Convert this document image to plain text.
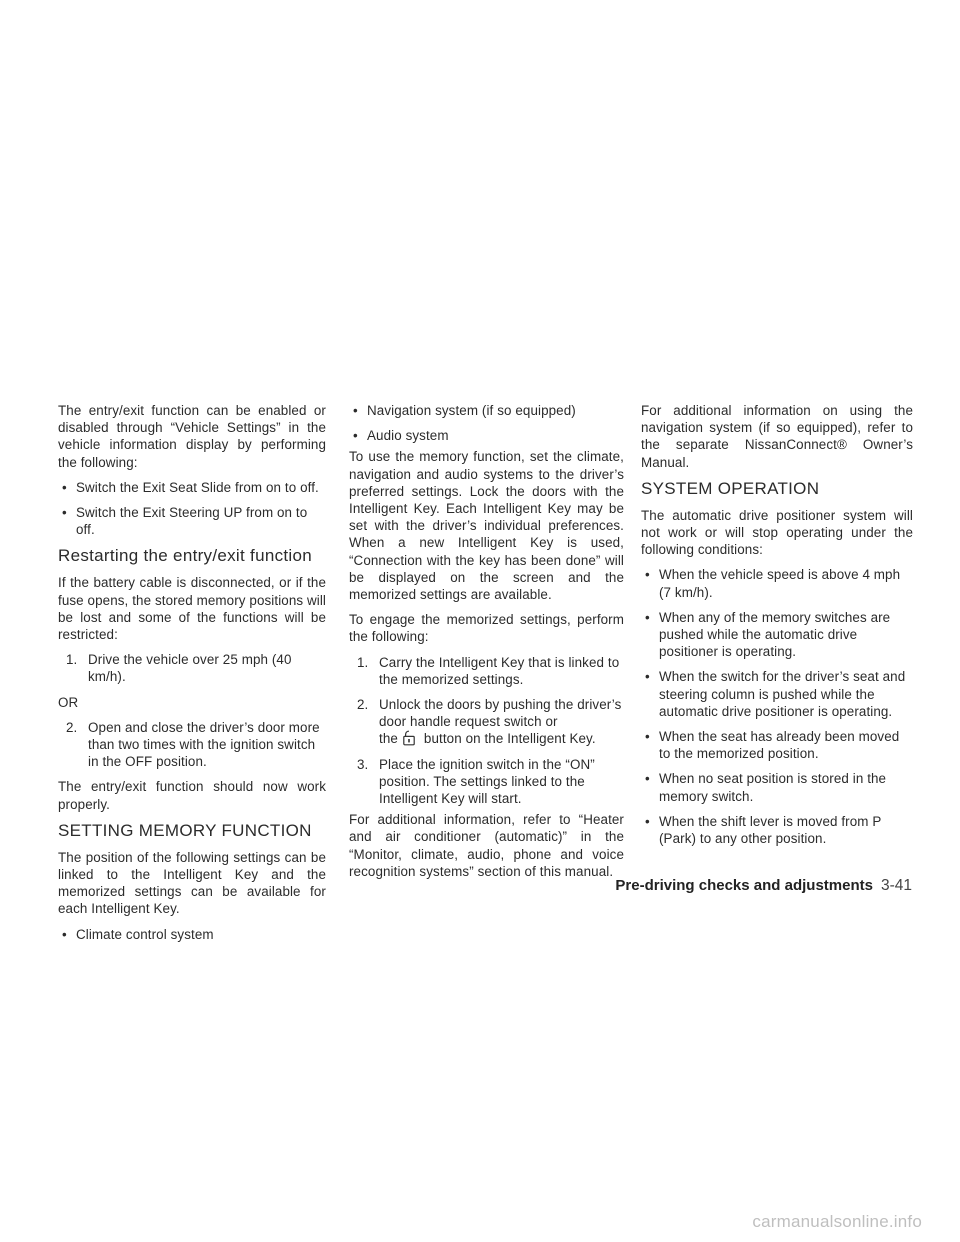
The entry/exit function can be enabled or disabled through “Vehicle Settings” in the vehicle information display by performing the following:

• Switch the Exit Seat Slide from on to off.
• Switch the Exit Steering UP from on to off.
Restarting the entry/exit function

If the battery cable is disconnected, or if the fuse opens, the stored memory positions will be lost and some of the functions will be restricted:

1. Drive the vehicle over 25 mph (40 km/h).

OR

2. Open and close the driver’s door more than two times with the ignition switch in the OFF position.

The entry/exit function should now work properly.

SETTING MEMORY FUNCTION

The position of the following settings can be linked to the Intelligent Key and the memorized settings can be available for each Intelligent Key.

• Climate control system
• Navigation system (if so equipped)
• Audio system

To use the memory function, set the climate, navigation and audio systems to the driver’s preferred settings. Lock the doors with the Intelligent Key. Each Intelligent Key may be set with the driver’s individual preferences. When a new Intelligent Key is used, “Connection with the key has been done” will be displayed on the screen and the memorized settings are available.

To engage the memorized settings, perform the following:

1. Carry the Intelligent Key that is linked to the memorized settings.
2. Unlock the doors by pushing the driver’s door handle request switch or
the button on the Intelligent Key.
3. Place the ignition switch in the “ON” position. The settings linked to the Intelligent Key will start.

For additional information, refer to “Heater and air conditioner (automatic)” in the “Monitor, climate, audio, phone and voice recognition systems” section of this manual.

For additional information on using the navigation system (if so equipped), refer to the separate NissanConnect® Owner’s Manual.

SYSTEM OPERATION

The automatic drive positioner system will not work or will stop operating under the following conditions:

• When the vehicle speed is above 4 mph (7 km/h).
• When any of the memory switches are pushed while the automatic drive positioner is operating.
• When the switch for the driver’s seat and steering column is pushed while the automatic drive positioner is operating.
• When the seat has already been moved to the memorized position.
• When no seat position is stored in the memory switch.
• When the shift lever is moved from P (Park) to any other position.
Pre-driving checks and adjustments 3-41
carmanualsonline.info
